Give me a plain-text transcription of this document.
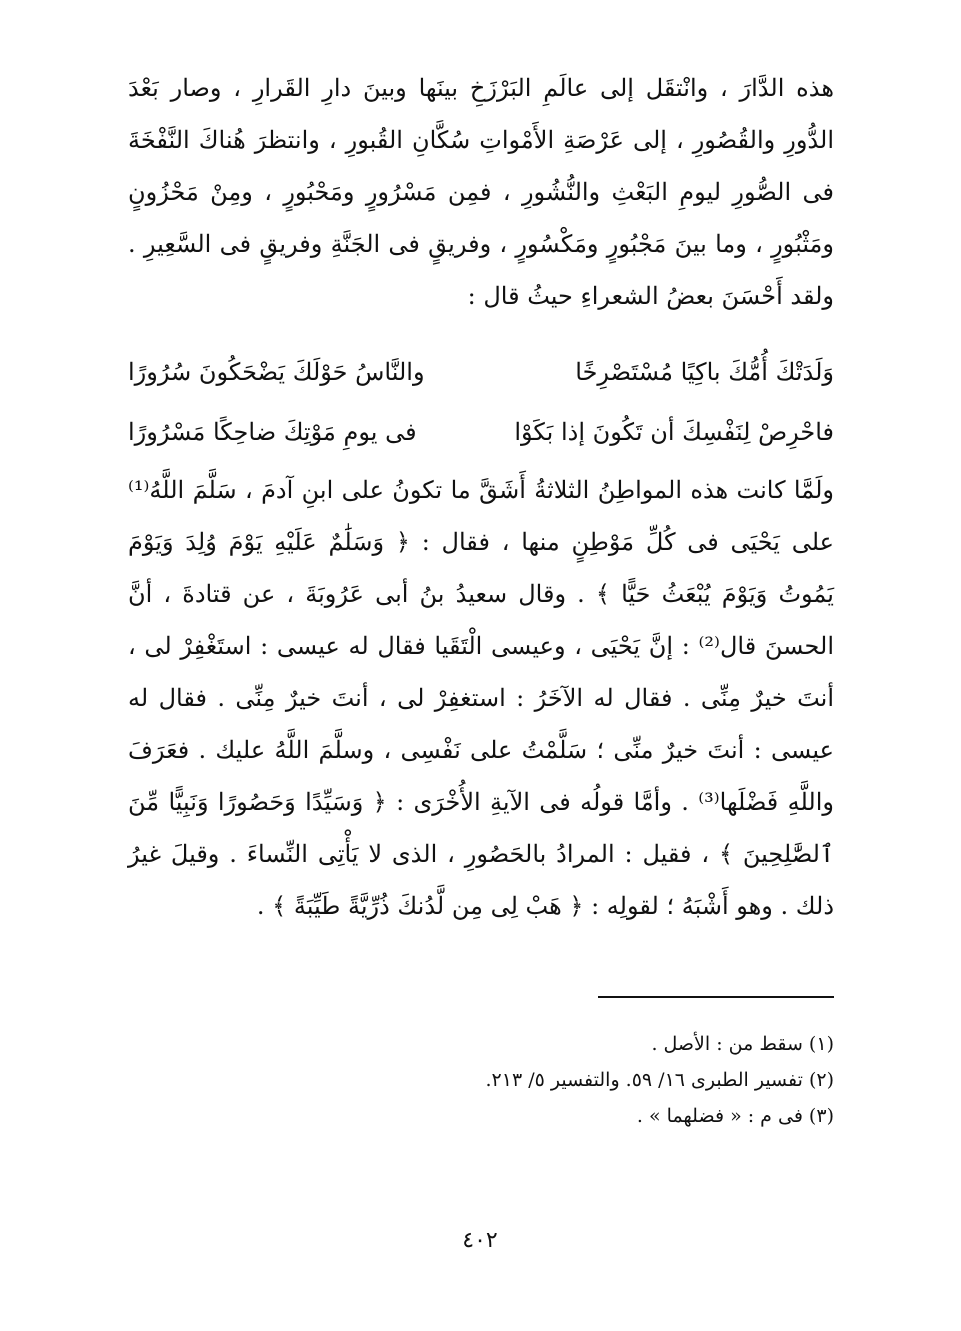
هذه الدَّارَ ، وانْتقَل إلى عالَمِ البَرْزَخِ بينَها وبينَ دارِ القَرارِ ، وصار بَعْدَ الدُّورِ والقُصُورِ ، إلى عَرْصَةِ الأَمْواتِ سُكَّانِ القُبورِ ، وانتظرَ هُناكَ النَّفْخَةَ فى الصُّورِ ليومِ البَعْثِ والنُّشُورِ ، فمِن مَسْرُورٍ ومَحْبُورٍ ، ومِنْ مَحْزُونٍ ومَثْبُورٍ ، وما بينَ مَجْبُورٍ ومَكْسُورٍ ، وفريقٍ فى الجَنَّةِ وفريقٍ فى السَّعِيرِ . ولقد أَحْسَنَ بعضُ الشعراءِ حيثُ قال :

وَلَدَتْكَ أُمُّكَ باكِيًا مُسْتَصْرِخًا
والنَّاسُ حَوْلَكَ يَضْحَكُونَ سُرُورًا
فاحْرِصْ لِنَفْسِكَ أن تَكُونَ إذا بَكَوْا
فى يومِ مَوْتِكَ ضاحِكًا مَسْرُورًا

ولَمَّا كانت هذه المواطِنُ الثلاثةُ أَشَقَّ ما تكونُ على ابنِ آدمَ ، سَلَّمَ اللَّهُ⁽¹⁾ على يَحْيَى فى كُلِّ مَوْطِنٍ منها ، فقال : ﴿ وَسَلَٰمٌ عَلَيْهِ يَوْمَ وُلِدَ وَيَوْمَ يَمُوتُ وَيَوْمَ يُبْعَثُ حَيًّا ﴾ . وقال سعيدُ بنُ أبى عَرُوبَةَ ، عن قتادةَ ، أنَّ الحسنَ قال⁽²⁾ : إنَّ يَحْيَى ، وعيسى الْتَقَيا فقال له عيسى : استَغْفِرْ لى ، أنتَ خيرٌ مِنِّى . فقال له الآخَرُ : استغفِرْ لى ، أنتَ خيرٌ مِنِّى . فقال له عيسى : أنتَ خيرٌ منِّى ؛ سَلَّمْتُ على نَفْسِى ، وسلَّمَ اللَّهُ عليك . فعَرَفَ واللَّهِ فَضْلَها⁽³⁾ . وأمَّا قولُه فى الآيةِ الأُخْرَى : ﴿ وَسَيِّدًا وَحَصُورًا وَنَبِيًّا مِّنَ ٱلصَّٰلِحِينَ ﴾ ، فقيل : المرادُ بالحَصُورِ ، الذى لا يَأْتِى النِّساءَ . وقيلَ غيرُ ذلك . وهو أَشْبَهُ ؛ لقولِه : ﴿ هَبْ لِى مِن لَّدُنكَ ذُرِّيَّةً طَيِّبَةً ﴾ .

(١) سقط من : الأصل .

(٢) تفسير الطبرى ١٦/ ٥٩. والتفسير ٥/ ٢١٣.

(٣) فى م : « فضلهما » .

٤٠٢
